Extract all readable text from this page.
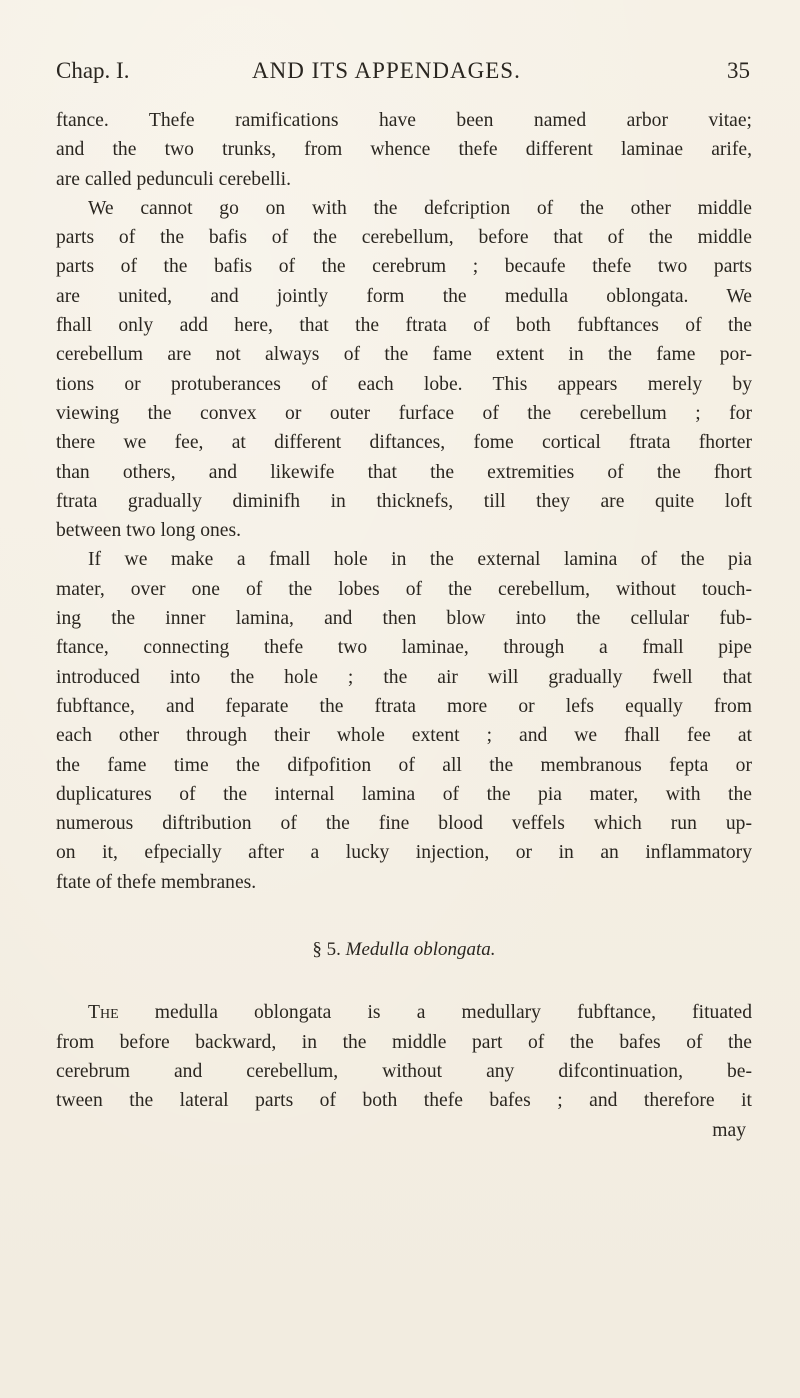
Chap. I.	AND ITS APPENDAGES.	35
ftance. Thefe ramifications have been named arbor vitae;
and the two trunks, from whence thefe different laminae arife,
are called pedunculi cerebelli.
We cannot go on with the defcription of the other middle
parts of the bafis of the cerebellum, before that of the middle
parts of the bafis of the cerebrum ; becaufe thefe two parts
are united, and jointly form the medulla oblongata. We
fhall only add here, that the ftrata of both fubftances of the
cerebellum are not always of the fame extent in the fame por-
tions or protuberances of each lobe. This appears merely by
viewing the convex or outer furface of the cerebellum ; for
there we fee, at different diftances, fome cortical ftrata fhorter
than others, and likewife that the extremities of the fhort
ftrata gradually diminifh in thicknefs, till they are quite loft
between two long ones.
If we make a fmall hole in the external lamina of the pia
mater, over one of the lobes of the cerebellum, without touch-
ing the inner lamina, and then blow into the cellular fub-
ftance, connecting thefe two laminae, through a fmall pipe
introduced into the hole ; the air will gradually fwell that
fubftance, and feparate the ftrata more or lefs equally from
each other through their whole extent ; and we fhall fee at
the fame time the difpofition of all the membranous fepta or
duplicatures of the internal lamina of the pia mater, with the
numerous diftribution of the fine blood veffels which run up-
on it, efpecially after a lucky injection, or in an inflammatory
ftate of thefe membranes.
§ 5. Medulla oblongata.
The medulla oblongata is a medullary fubftance, fituated
from before backward, in the middle part of the bafes of the
cerebrum and cerebellum, without any difcontinuation, be-
tween the lateral parts of both thefe bafes ; and therefore it
may
